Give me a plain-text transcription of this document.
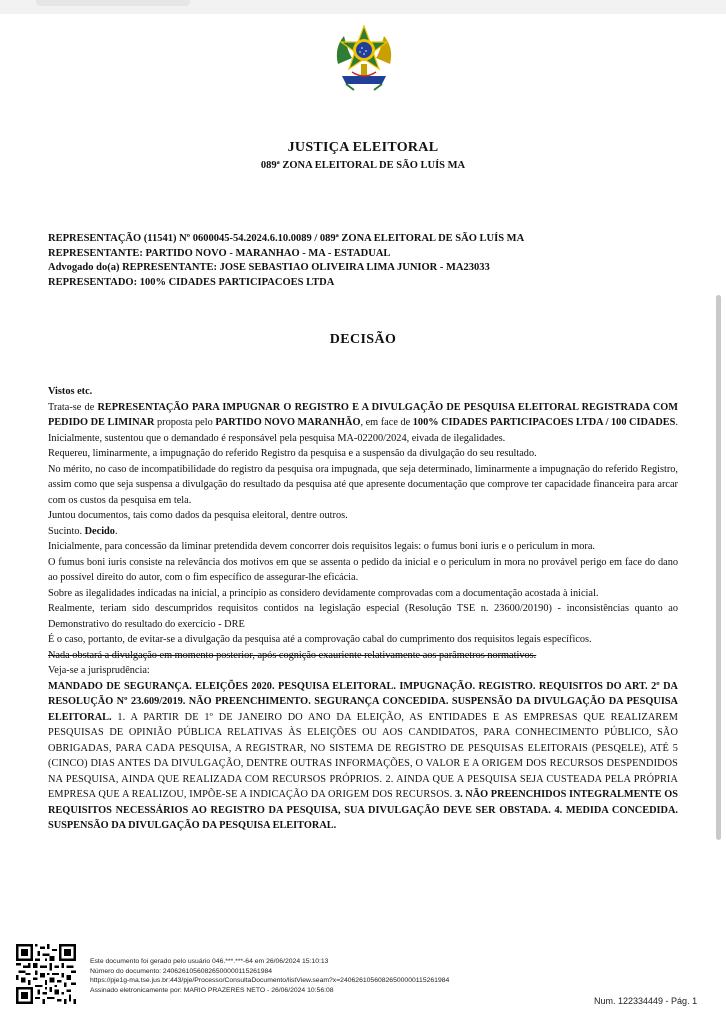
JUSTIÇA ELEITORAL
089ª ZONA ELEITORAL DE SÃO LUÍS MA
REPRESENTAÇÃO (11541) Nº 0600045-54.2024.6.10.0089 / 089ª ZONA ELEITORAL DE SÃO LUÍS MA
REPRESENTANTE: PARTIDO NOVO - MARANHAO - MA - ESTADUAL
Advogado do(a) REPRESENTANTE: JOSE SEBASTIAO OLIVEIRA LIMA JUNIOR - MA23033
REPRESENTADO: 100% CIDADES PARTICIPACOES LTDA
DECISÃO

Vistos etc.

Trata-se de REPRESENTAÇÃO PARA IMPUGNAR O REGISTRO E A DIVULGAÇÃO DE PESQUISA ELEITORAL REGISTRADA COM PEDIDO DE LIMINAR proposta pelo PARTIDO NOVO MARANHÃO, em face de 100% CIDADES PARTICIPACOES LTDA / 100 CIDADES.

Inicialmente, sustentou que o demandado é responsável pela pesquisa MA-02200/2024, eivada de ilegalidades.

Requereu, liminarmente, a impugnação do referido Registro da pesquisa e a suspensão da divulgação do seu resultado.

No mérito, no caso de incompatibilidade do registro da pesquisa ora impugnada, que seja determinado, liminarmente a impugnação do referido Registro, assim como que seja suspensa a divulgação do resultado da pesquisa até que apresente documentação que comprove ter capacidade financeira para arcar com os custos da pesquisa em tela.

Juntou documentos, tais como dados da pesquisa eleitoral, dentre outros.

Sucinto. Decido.

Inicialmente, para concessão da liminar pretendida devem concorrer dois requisitos legais: o fumus boni iuris e o periculum in mora.

O fumus boni iuris consiste na relevância dos motivos em que se assenta o pedido da inicial e o periculum in mora no provável perigo em face do dano ao possível direito do autor, com o fim específico de assegurar-lhe eficácia.

Sobre as ilegalidades indicadas na inicial, a princípio as considero devidamente comprovadas com a documentação acostada à inicial.

Realmente, teriam sido descumpridos requisitos contidos na legislação especial (Resolução TSE n. 23600/20190) - inconsistências quanto ao Demonstrativo do resultado do exercício - DRE

É o caso, portanto, de evitar-se a divulgação da pesquisa até a comprovação cabal do cumprimento dos requisitos legais específicos.

Nada obstará a divulgação em momento posterior, após cognição exauriente relativamente aos parâmetros normativos.

Veja-se a jurisprudência:

MANDADO DE SEGURANÇA. ELEIÇÕES 2020. PESQUISA ELEITORAL. IMPUGNAÇÃO. REGISTRO. REQUISITOS DO ART. 2º DA RESOLUÇÃO Nº 23.609/2019. NÃO PREENCHIMENTO. SEGURANÇA CONCEDIDA. SUSPENSÃO DA DIVULGAÇÃO DA PESQUISA ELEITORAL. 1. A PARTIR DE 1º DE JANEIRO DO ANO DA ELEIÇÃO, AS ENTIDADES E AS EMPRESAS QUE REALIZAREM PESQUISAS DE OPINIÃO PÚBLICA RELATIVAS ÀS ELEIÇÕES OU AOS CANDIDATOS, PARA CONHECIMENTO PÚBLICO, SÃO OBRIGADAS, PARA CADA PESQUISA, A REGISTRAR, NO SISTEMA DE REGISTRO DE PESQUISAS ELEITORAIS (PESQELE), ATÉ 5 (CINCO) DIAS ANTES DA DIVULGAÇÃO, DENTRE OUTRAS INFORMAÇÕES, O VALOR E A ORIGEM DOS RECURSOS DESPENDIDOS NA PESQUISA, AINDA QUE REALIZADA COM RECURSOS PRÓPRIOS. 2. AINDA QUE A PESQUISA SEJA CUSTEADA PELA PRÓPRIA EMPRESA QUE A REALIZOU, IMPÕE-SE A INDICAÇÃO DA ORIGEM DOS RECURSOS. 3. NÃO PREENCHIDOS INTEGRALMENTE OS REQUISITOS NECESSÁRIOS AO REGISTRO DA PESQUISA, SUA DIVULGAÇÃO DEVE SER OBSTADA. 4. MEDIDA CONCEDIDA. SUSPENSÃO DA DIVULGAÇÃO DA PESQUISA ELEITORAL.

Este documento foi gerado pelo usuário 046.***.***-64 em 26/06/2024 15:10:13
Número do documento: 24062610560826500000115261984
https://pje1g-ma.tse.jus.br:443/pje/Processo/ConsultaDocumento/listView.seam?x=24062610560826500000115261984
Assinado eletronicamente por: MARIO PRAZERES NETO - 26/06/2024 10:56:08
Num. 122334449 - Pág. 1
